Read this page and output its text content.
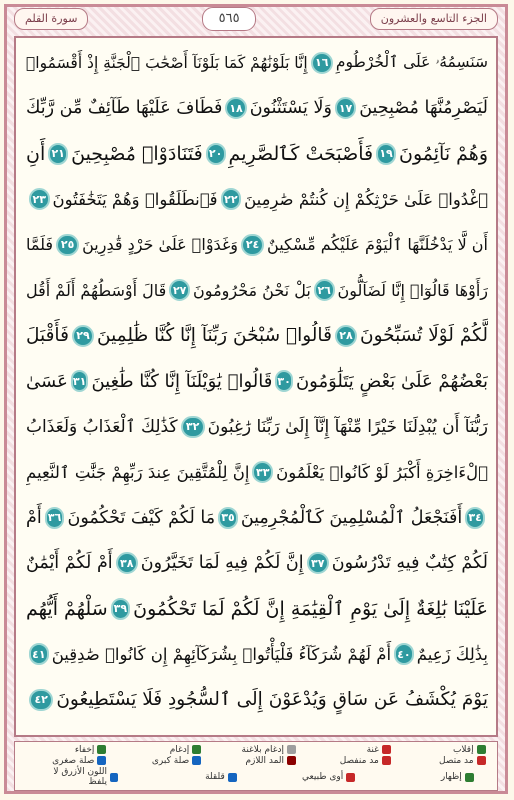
سورة القلم	٥٦٥	الجزء التاسع والعشرون
سَنَسِمُهُۥ عَلَى ٱلْخُرْطُومِ
١٦
إِنَّا بَلَوْنَٰهُمْ كَمَا بَلَوْنَآ أَصْحَٰبَ ٱلْجَنَّةِ إِذْ أَقْسَمُوا۟
لَيَصْرِمُنَّهَا مُصْبِحِينَ
١٧
وَلَا يَسْتَثْنُونَ
١٨
فَطَافَ عَلَيْهَا طَآئِفٌ مِّن رَّبِّكَ
وَهُمْ نَآئِمُونَ
١٩
فَأَصْبَحَتْ كَٱلصَّرِيمِ
٢٠
فَتَنَادَوْا۟ مُصْبِحِينَ
٢١
أَنِ
ٱغْدُوا۟ عَلَىٰ حَرْثِكُمْ إِن كُنتُمْ صَٰرِمِينَ
٢٢
فَٱنطَلَقُوا۟ وَهُمْ يَتَخَٰفَتُونَ
٢٣
أَن لَّا يَدْخُلَنَّهَا ٱلْيَوْمَ عَلَيْكُم مِّسْكِينٌ
٢٤
وَغَدَوْا۟ عَلَىٰ حَرْدٍ قَٰدِرِينَ
٢٥
فَلَمَّا
رَأَوْهَا قَالُوٓا۟ إِنَّا لَضَآلُّونَ
٢٦
بَلْ نَحْنُ مَحْرُومُونَ
٢٧
قَالَ أَوْسَطُهُمْ أَلَمْ أَقُل
لَّكُمْ لَوْلَا تُسَبِّحُونَ
٢٨
قَالُوا۟ سُبْحَٰنَ رَبِّنَآ إِنَّا كُنَّا ظَٰلِمِينَ
٢٩
فَأَقْبَلَ
بَعْضُهُمْ عَلَىٰ بَعْضٍ يَتَلَٰوَمُونَ
٣٠
قَالُوا۟ يَٰوَيْلَنَآ إِنَّا كُنَّا طَٰغِينَ
٣١
عَسَىٰ
رَبُّنَآ أَن يُبْدِلَنَا خَيْرًا مِّنْهَآ إِنَّآ إِلَىٰ رَبِّنَا رَٰغِبُونَ
٣٢
كَذَٰلِكَ ٱلْعَذَابُ وَلَعَذَابُ
ٱلْءَاخِرَةِ أَكْبَرُ لَوْ كَانُوا۟ يَعْلَمُونَ
٣٣
إِنَّ لِلْمُتَّقِينَ عِندَ رَبِّهِمْ جَنَّٰتِ ٱلنَّعِيمِ
٣٤
أَفَنَجْعَلُ ٱلْمُسْلِمِينَ كَٱلْمُجْرِمِينَ
٣٥
مَا لَكُمْ كَيْفَ تَحْكُمُونَ
٣٦
أَمْ
لَكُمْ كِتَٰبٌ فِيهِ تَدْرُسُونَ
٣٧
إِنَّ لَكُمْ فِيهِ لَمَا تَخَيَّرُونَ
٣٨
أَمْ لَكُمْ أَيْمَٰنٌ
عَلَيْنَا بَٰلِغَةٌ إِلَىٰ يَوْمِ ٱلْقِيَٰمَةِ إِنَّ لَكُمْ لَمَا تَحْكُمُونَ
٣٩
سَلْهُمْ أَيُّهُم
بِذَٰلِكَ زَعِيمٌ
٤٠
أَمْ لَهُمْ شُرَكَآءُ فَلْيَأْتُوا۟ بِشُرَكَآئِهِمْ إِن كَانُوا۟ صَٰدِقِينَ
٤١
يَوْمَ يُكْشَفُ عَن سَاقٍ وَيُدْعَوْنَ إِلَى ٱلسُّجُودِ فَلَا يَسْتَطِيعُونَ
٤٢
إقلاب
غنة
إدغام بلاغنة
إدغام
إخفاء
مد متصل
مد منفصل
المد اللازم
صلة كبرى
صلة صغرى
إظهار
أوى طبيعي
قلقلة
اللون الأزرق لا يلفظ
